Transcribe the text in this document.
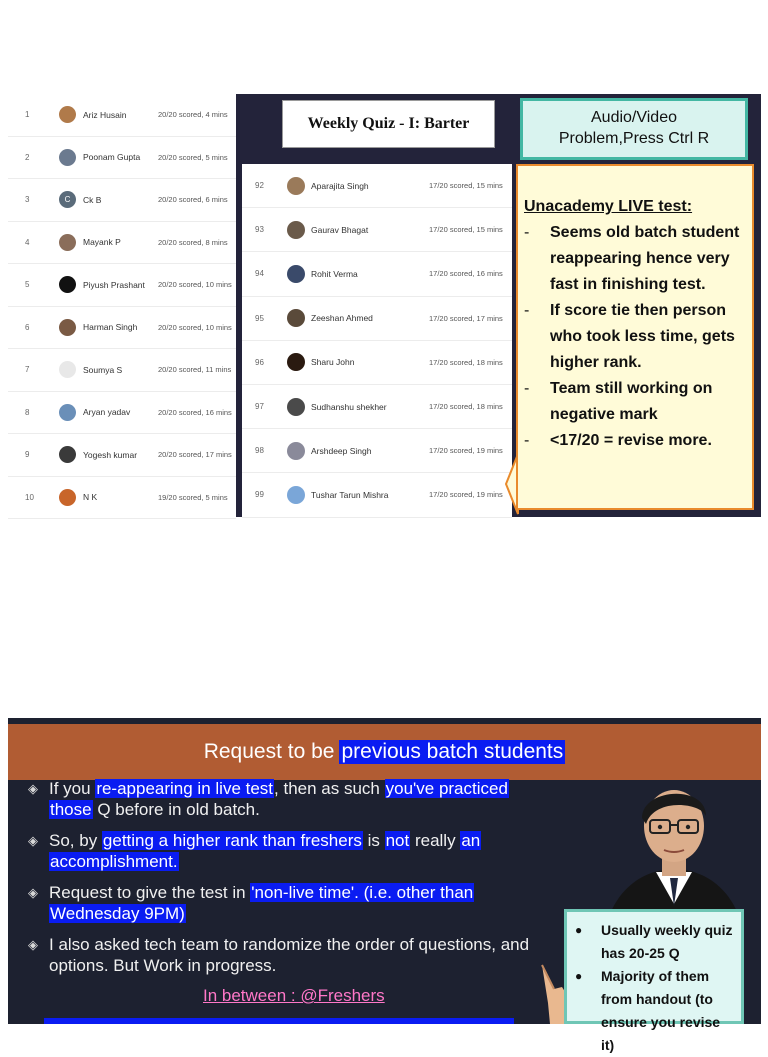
1	Ariz Husain	20/20 scored, 4 mins
2	Poonam Gupta	20/20 scored, 5 mins
3	C	Ck B	20/20 scored, 6 mins
4	Mayank P	20/20 scored, 8 mins
5	Piyush Prashant	20/20 scored, 10 mins
6	Harman Singh	20/20 scored, 10 mins
7	Soumya S	20/20 scored, 11 mins
8	Aryan yadav	20/20 scored, 16 mins
9	Yogesh kumar	20/20 scored, 17 mins
10	N K	19/20 scored, 5 mins
92	Aparajita Singh	17/20 scored, 15 mins
93	Gaurav Bhagat	17/20 scored, 15 mins
94	Rohit Verma	17/20 scored, 16 mins
95	Zeeshan Ahmed	17/20 scored, 17 mins
96	Sharu John	17/20 scored, 18 mins
97	Sudhanshu shekher	17/20 scored, 18 mins
98	Arshdeep Singh	17/20 scored, 19 mins
99	Tushar Tarun Mishra	17/20 scored, 19 mins
Weekly Quiz - I: Barter	Audio/Video
Problem,Press Ctrl R
Unacademy LIVE test:
-	Seems old batch student reappearing hence very fast in finishing test.
-	If score tie then person who took less time, gets higher rank.
-	Team still working on negative mark
-	<17/20 = revise more.
Request to be previous batch students
◈ If you re-appearing in live test, then as such you've practiced
those Q before in old batch.
◈ So, by getting a higher rank than freshers is not really an
accomplishment.
◈ Request to give the test in 'non-live time'. (i.e. other than
Wednesday 9PM)
◈ I also asked tech team to randomize the order of questions, and
options. But Work in progress.
In between : @Freshers
●	Usually weekly quiz has 20-25 Q
●	Majority of them from handout (to ensure you revise it)
